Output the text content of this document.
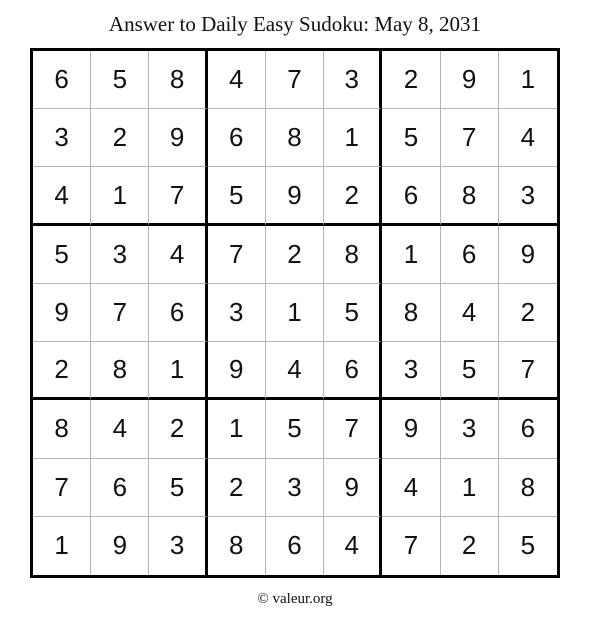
Answer to Daily Easy Sudoku: May 8, 2031
6	5	8	4	7	3	2	9	1
3	2	9	6	8	1	5	7	4
4	1	7	5	9	2	6	8	3
5	3	4	7	2	8	1	6	9
9	7	6	3	1	5	8	4	2
2	8	1	9	4	6	3	5	7
8	4	2	1	5	7	9	3	6
7	6	5	2	3	9	4	1	8
1	9	3	8	6	4	7	2	5
© valeur.org
